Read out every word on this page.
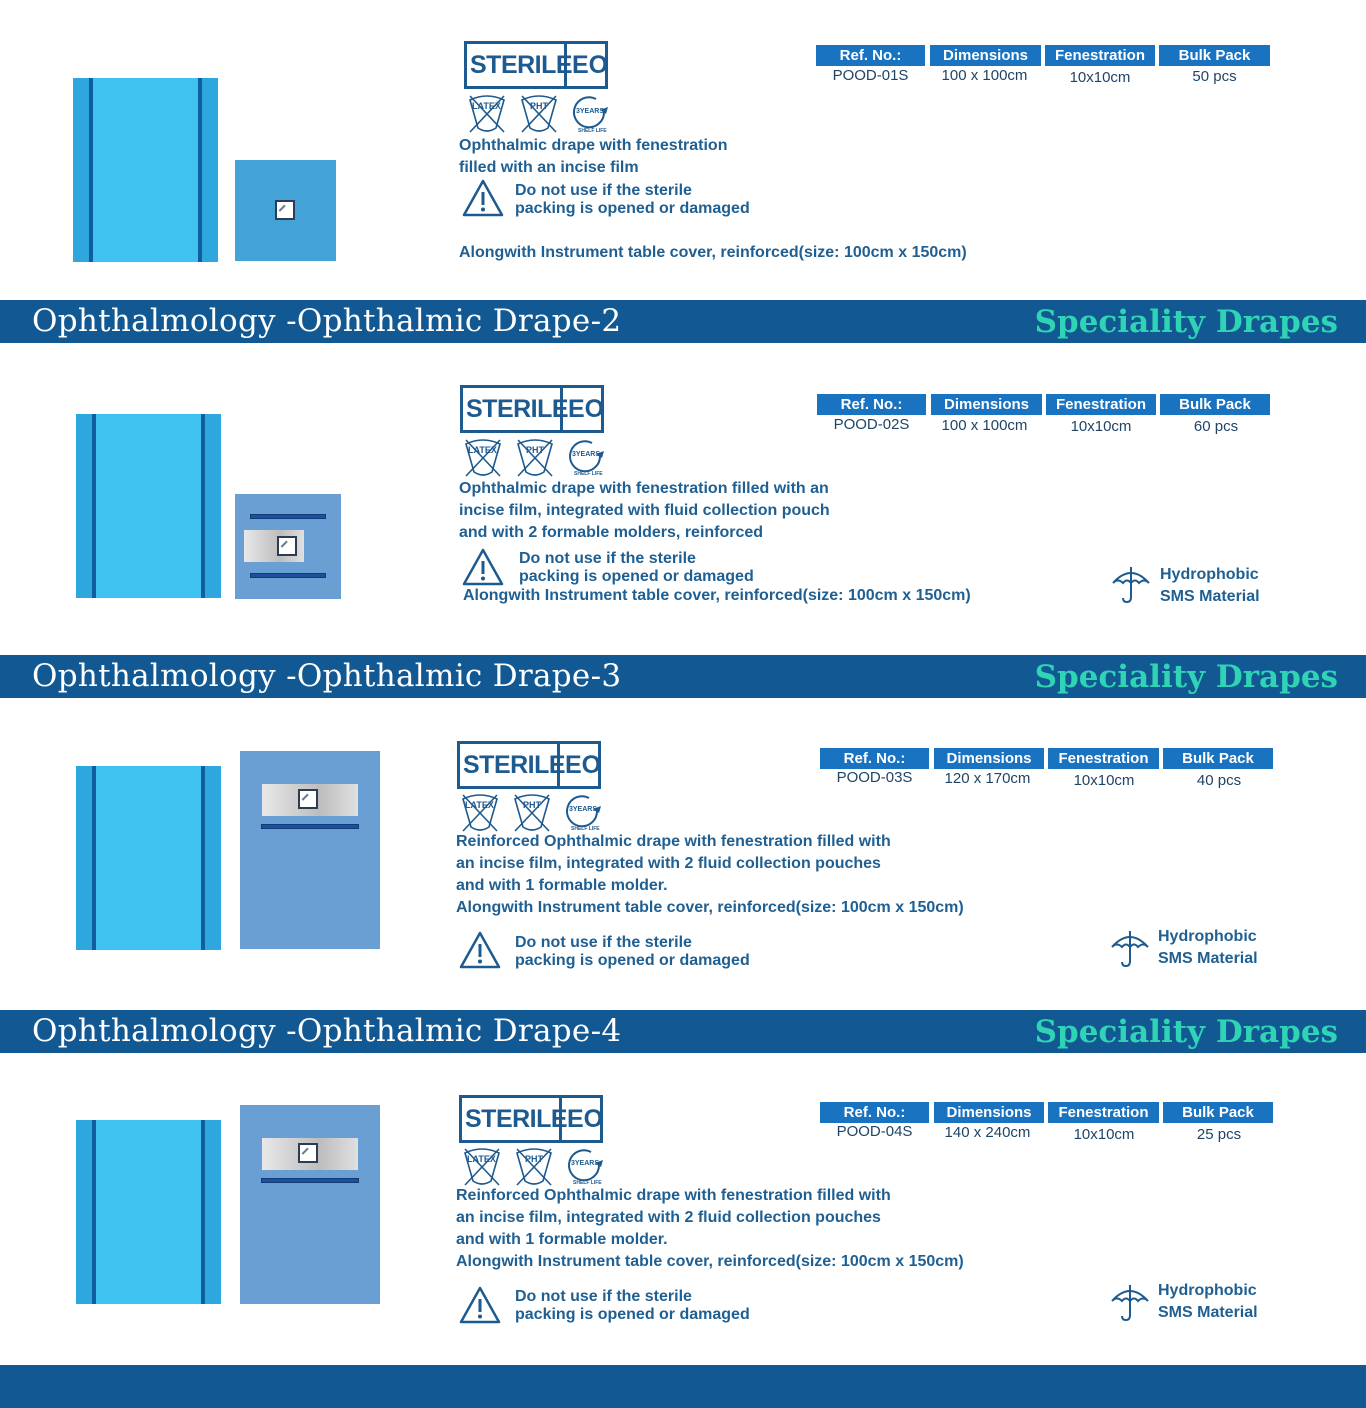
STERILE EO
LATEX	PHT
3YEARS
SHELF LIFE
Ophthalmic drape with fenestration
filled with an incise film
Do not use if the sterile
packing is opened or damaged
Alongwith Instrument table cover, reinforced(size: 100cm x 150cm)
Ref. No.:	Dimensions	Fenestration	Bulk Pack
POOD-01S	100 x 100cm	10x10cm	50 pcs
Ophthalmology -Ophthalmic Drape-2	Speciality Drapes
STERILE EO
LATEX	PHT	3YEARS
SHELF LIFE
Ophthalmic drape with fenestration filled with an
incise film, integrated with fluid collection pouch
and with 2 formable molders, reinforced
Do not use if the sterile
packing is opened or damaged
Alongwith Instrument table cover, reinforced(size: 100cm x 150cm)
Ref. No.:	Dimensions	Fenestration	Bulk Pack
POOD-02S	100 x 100cm	10x10cm	60 pcs
Hydrophobic
SMS Material
Ophthalmology -Ophthalmic Drape-3	Speciality Drapes
STERILE EO
LATEX	PHT	3YEARS
SHELF LIFE
Reinforced Ophthalmic drape with fenestration filled with
an incise film, integrated with 2 fluid collection pouches
and with 1 formable molder.
Alongwith Instrument table cover, reinforced(size: 100cm x 150cm)
Do not use if the sterile
packing is opened or damaged
Ref. No.:	Dimensions	Fenestration	Bulk Pack
POOD-03S	120 x 170cm	10x10cm	40 pcs
Hydrophobic
SMS Material
Ophthalmology -Ophthalmic Drape-4	Speciality Drapes
STERILE EO
LATEX	PHT	3YEARS
SHELF LIFE
Reinforced Ophthalmic drape with fenestration filled with
an incise film, integrated with 2 fluid collection pouches
and with 1 formable molder.
Alongwith Instrument table cover, reinforced(size: 100cm x 150cm)
Do not use if the sterile
packing is opened or damaged
Ref. No.:	Dimensions	Fenestration	Bulk Pack
POOD-04S	140 x 240cm	10x10cm	25 pcs
Hydrophobic
SMS Material
